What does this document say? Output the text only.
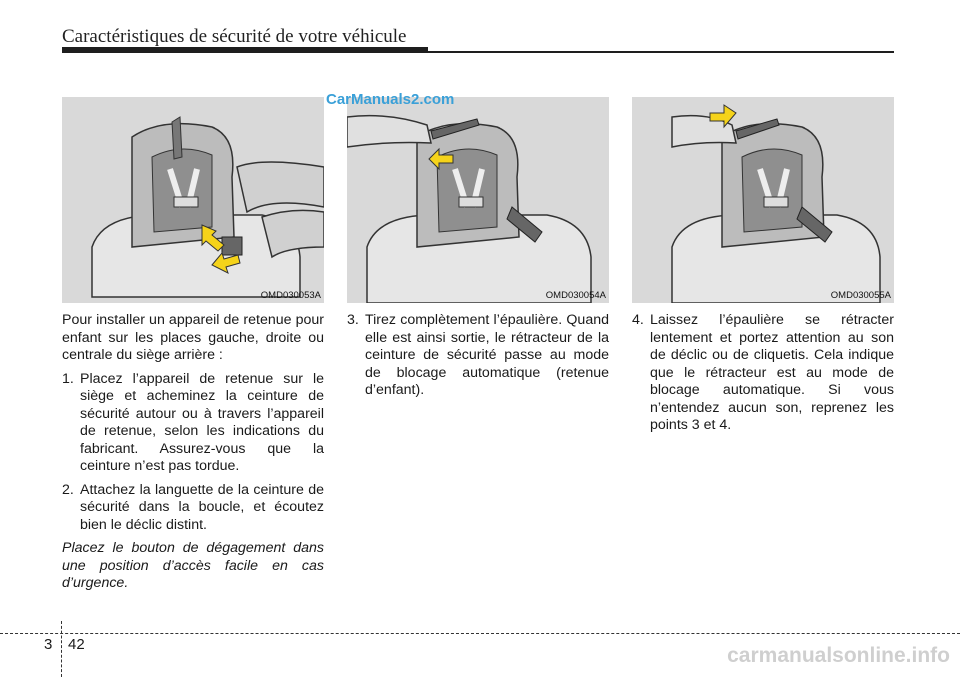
Caractéristiques de sécurité de votre véhicule
OMD030053A	OMD030054A	OMD030055A
CarManuals2.com

Pour installer un appareil de retenue pour enfant sur les places gauche, droite ou centrale du siège arrière :

1. Placez l’appareil de retenue sur le siège et acheminez la ceinture de sécurité autour ou à travers l’appareil de retenue, selon les indications du fabricant. Assurez-vous que la ceinture n’est pas tordue.
2. Attachez la languette de la ceinture de sécurité dans la boucle, et écoutez bien le déclic distint.

Placez le bouton de dégagement dans une position d’accès facile en cas d’urgence.

3. Tirez complètement l’épaulière. Quand elle est ainsi sortie, le rétracteur de la ceinture de sécurité passe au mode de blocage automatique (retenue d’enfant).
4. Laissez l’épaulière se rétracter lentement et portez attention au son de déclic ou de cliquetis. Cela indique que le rétracteur est au mode de blocage automatique. Si vous n’entendez aucun son, reprenez les points 3 et 4.
3 42	carmanualsonline.info
